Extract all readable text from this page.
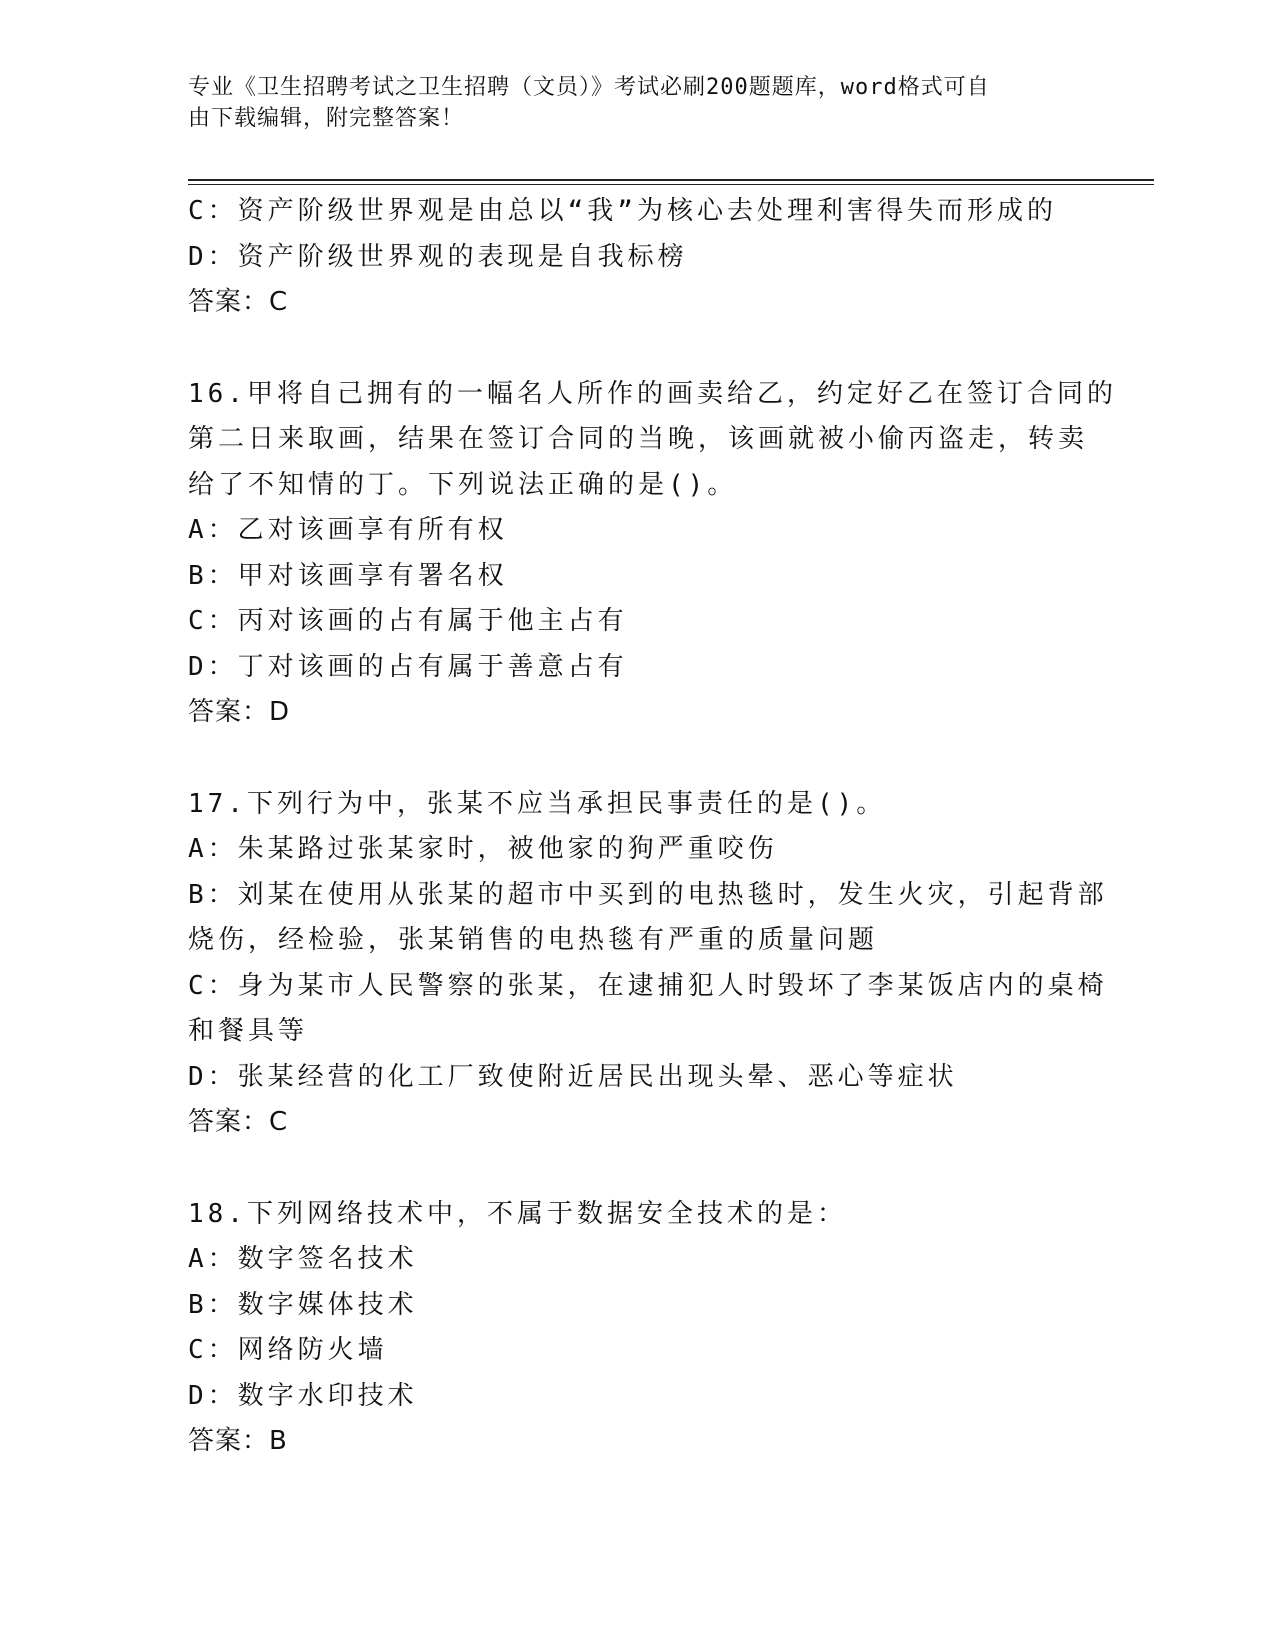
专业《卫生招聘考试之卫生招聘（文员）》考试必刷200题题库，word格式可自
由下载编辑，附完整答案！
C：资产阶级世界观是由总以“我”为核心去处理利害得失而形成的
D：资产阶级世界观的表现是自我标榜
答案：C
16.甲将自己拥有的一幅名人所作的画卖给乙，约定好乙在签订合同的
第二日来取画，结果在签订合同的当晚，该画就被小偷丙盗走，转卖
给了不知情的丁。下列说法正确的是()。
A：乙对该画享有所有权
B：甲对该画享有署名权
C：丙对该画的占有属于他主占有
D：丁对该画的占有属于善意占有
答案：D
17.下列行为中，张某不应当承担民事责任的是()。
A：朱某路过张某家时，被他家的狗严重咬伤
B：刘某在使用从张某的超市中买到的电热毯时，发生火灾，引起背部
烧伤，经检验，张某销售的电热毯有严重的质量问题
C：身为某市人民警察的张某，在逮捕犯人时毁坏了李某饭店内的桌椅
和餐具等
D：张某经营的化工厂致使附近居民出现头晕、恶心等症状
答案：C
18.下列网络技术中，不属于数据安全技术的是：
A：数字签名技术
B：数字媒体技术
C：网络防火墙
D：数字水印技术
答案：B
